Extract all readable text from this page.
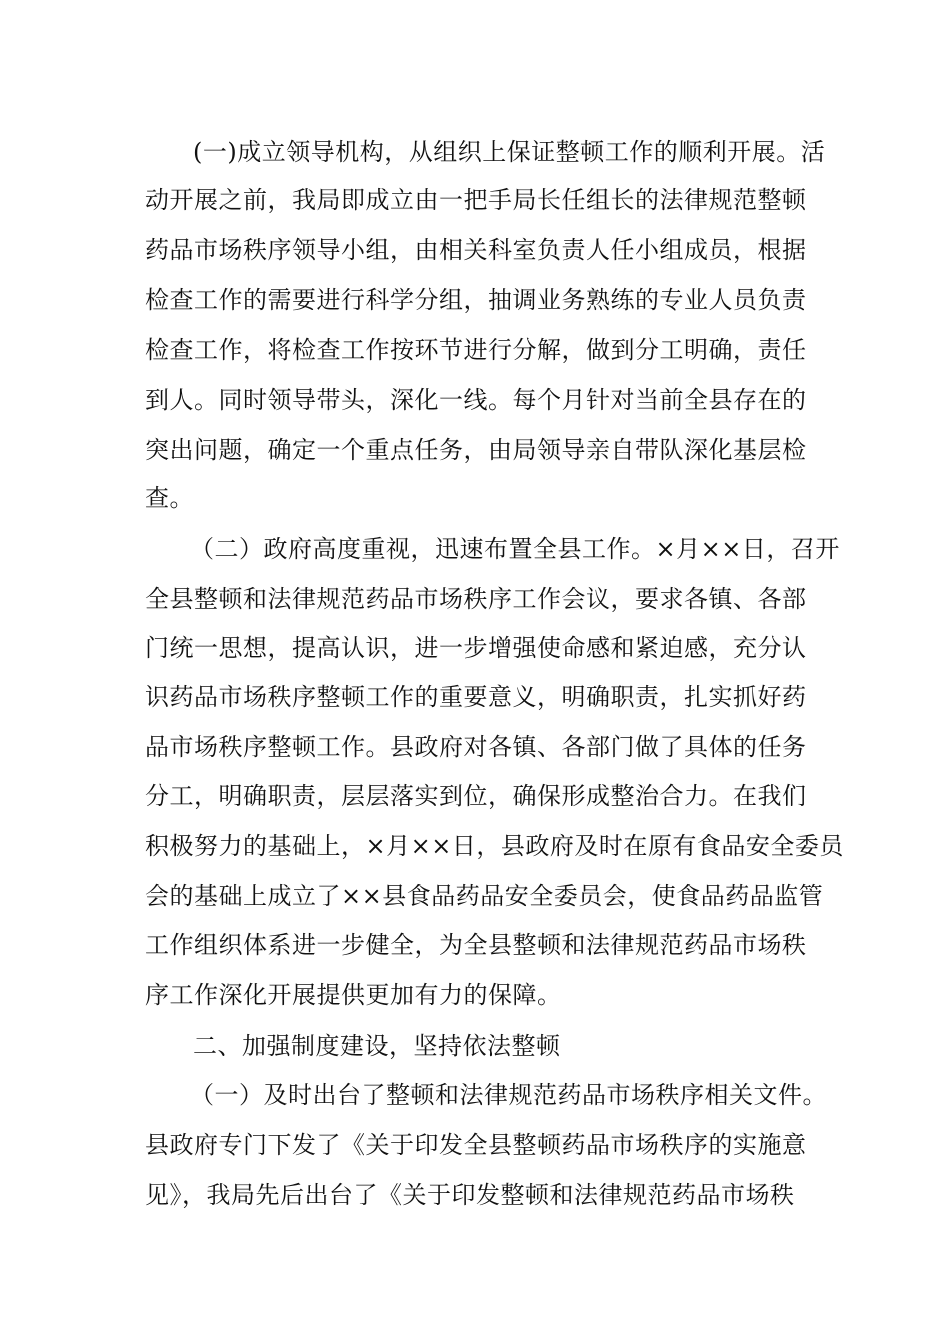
(一)成立领导机构，从组织上保证整顿工作的顺利开展。活
动开展之前，我局即成立由一把手局长任组长的法律规范整顿
药品市场秩序领导小组，由相关科室负责人任小组成员，根据
检查工作的需要进行科学分组，抽调业务熟练的专业人员负责
检查工作，将检查工作按环节进行分解，做到分工明确，责任
到人。同时领导带头，深化一线。每个月针对当前全县存在的
突出问题，确定一个重点任务，由局领导亲自带队深化基层检
查。
（二）政府高度重视，迅速布置全县工作。×月××日，召开
全县整顿和法律规范药品市场秩序工作会议，要求各镇、各部
门统一思想，提高认识，进一步增强使命感和紧迫感，充分认
识药品市场秩序整顿工作的重要意义，明确职责，扎实抓好药
品市场秩序整顿工作。县政府对各镇、各部门做了具体的任务
分工，明确职责，层层落实到位，确保形成整治合力。在我们
积极努力的基础上，×月××日，县政府及时在原有食品安全委员
会的基础上成立了××县食品药品安全委员会，使食品药品监管
工作组织体系进一步健全，为全县整顿和法律规范药品市场秩
序工作深化开展提供更加有力的保障。
二、加强制度建设，坚持依法整顿
（一）及时出台了整顿和法律规范药品市场秩序相关文件。
县政府专门下发了《关于印发全县整顿药品市场秩序的实施意
见》，我局先后出台了《关于印发整顿和法律规范药品市场秩
